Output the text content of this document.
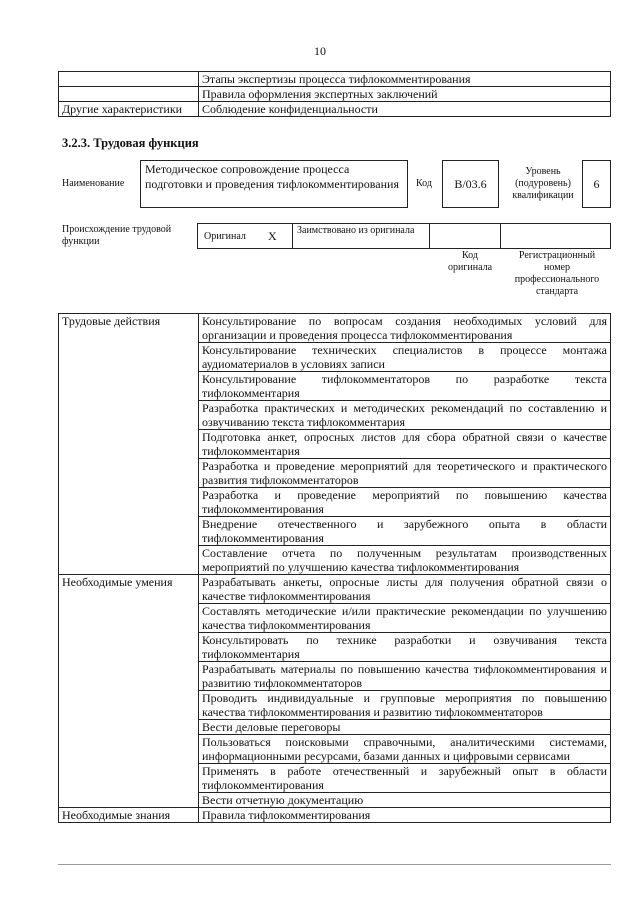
10
	Этапы экспертизы процесса тифлокомментирования
	Правила оформления экспертных заключений
Другие характеристики	Соблюдение конфиденциальности
3.2.3. Трудовая функция
Наименование
Методическое сопровождение процесса подготовки и проведения тифлокомментирования	Код B/03.6
Уровень (подуровень) квалификации
6
Происхождение трудовой функции	Оригинал X Заимствовано из оригинала
Код оригинала
Регистрационный номер профессионального стандарта
Трудовые действия	Консультирование по вопросам создания необходимых условий для организации и проведения процесса тифлокомментирования
	Консультирование технических специалистов в процессе монтажа аудиоматериалов в условиях записи
	Консультирование тифлокомментаторов по разработке текста тифлокомментария
	Разработка практических и методических рекомендаций по составлению и озвучиванию текста тифлокомментария
	Подготовка анкет, опросных листов для сбора обратной связи о качестве тифлокомментария
	Разработка и проведение мероприятий для теоретического и практического развития тифлокомментаторов
	Разработка и проведение мероприятий по повышению качества тифлокомментирования
	Внедрение отечественного и зарубежного опыта в области тифлокомментирования
	Составление отчета по полученным результатам производственных мероприятий по улучшению качества тифлокомментирования
Необходимые умения	Разрабатывать анкеты, опросные листы для получения обратной связи о качестве тифлокомментирования
	Составлять методические и/или практические рекомендации по улучшению качества тифлокомментирования
	Консультировать по технике разработки и озвучивания текста тифлокомментария
	Разрабатывать материалы по повышению качества тифлокомментирования и развитию тифлокомментаторов
	Проводить индивидуальные и групповые мероприятия по повышению качества тифлокомментирования и развитию тифлокомментаторов
	Вести деловые переговоры
	Пользоваться поисковыми справочными, аналитическими системами, информационными ресурсами, базами данных и цифровыми сервисами
	Применять в работе отечественный и зарубежный опыт в области тифлокомментирования
	Вести отчетную документацию
Необходимые знания	Правила тифлокомментирования
